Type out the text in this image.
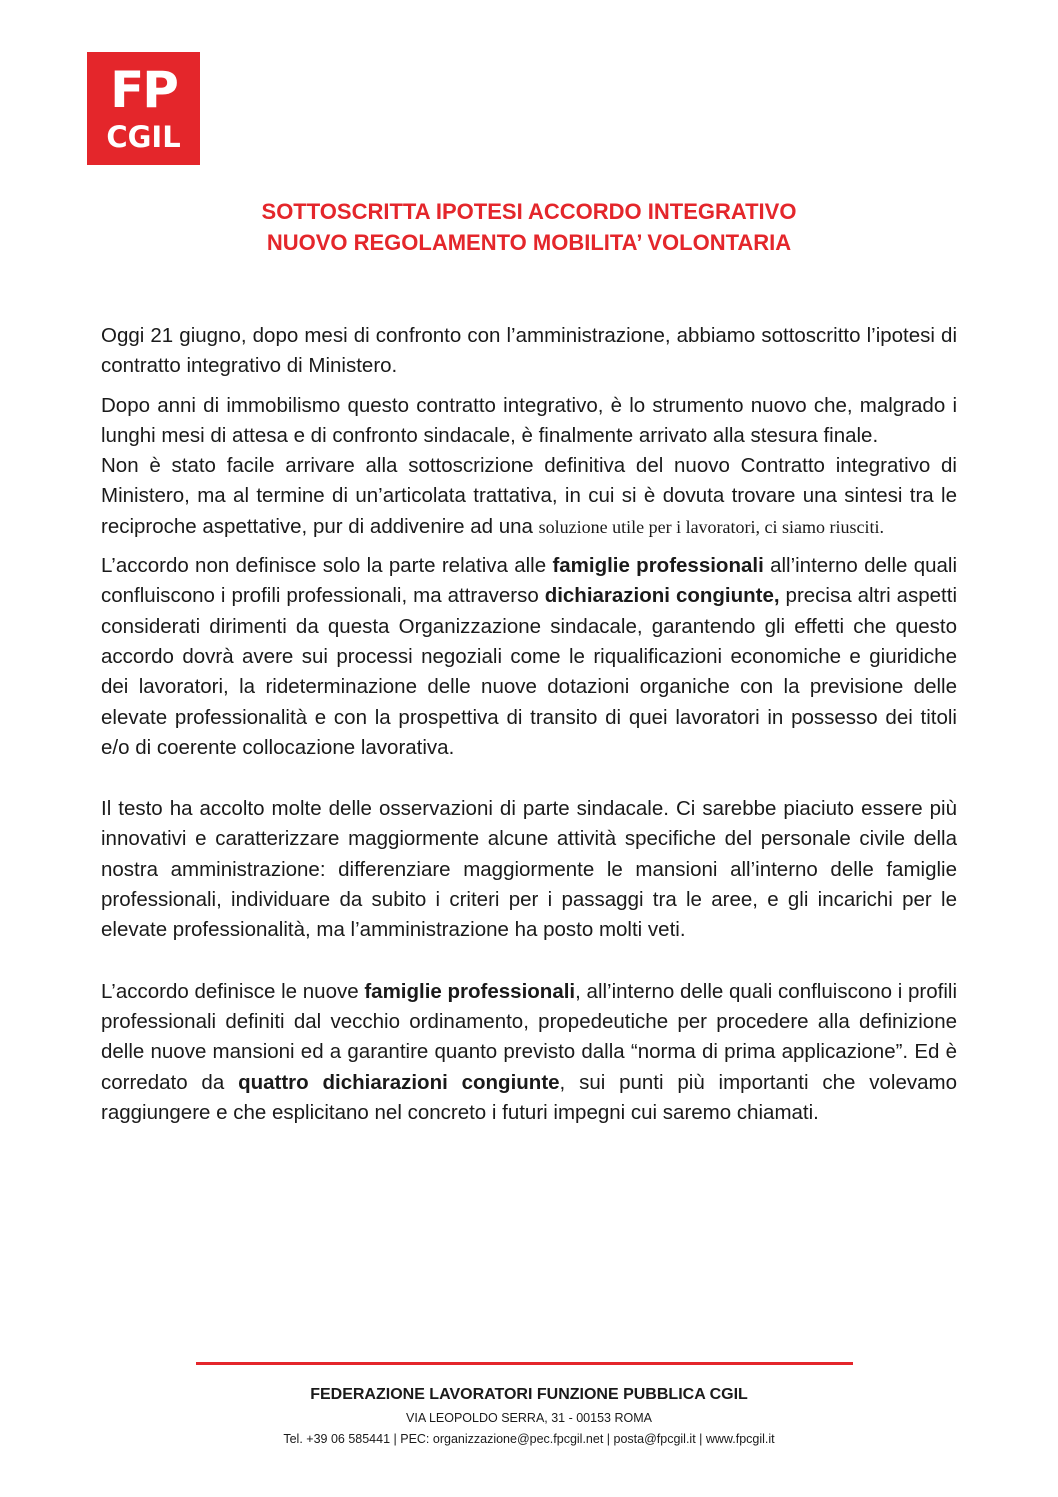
FP
CGIL
SOTTOSCRITTA IPOTESI ACCORDO INTEGRATIVO
NUOVO REGOLAMENTO MOBILITA’ VOLONTARIA

Oggi 21 giugno, dopo mesi di confronto con l’amministrazione, abbiamo sottoscritto l’ipotesi di contratto integrativo di Ministero.

Dopo anni di immobilismo questo contratto integrativo, è lo strumento nuovo che, malgrado i lunghi mesi di attesa e di confronto sindacale, è finalmente arrivato alla stesura finale.

Non è stato facile arrivare alla sottoscrizione definitiva del nuovo Contratto integrativo di Ministero, ma al termine di un’articolata trattativa, in cui si è dovuta trovare una sintesi tra le reciproche aspettative, pur di addivenire ad una soluzione utile per i lavoratori, ci siamo riusciti.

L’accordo non definisce solo la parte relativa alle famiglie professionali all’interno delle quali confluiscono i profili professionali, ma attraverso dichiarazioni congiunte, precisa altri aspetti considerati dirimenti da questa Organizzazione sindacale, garantendo gli effetti che questo accordo dovrà avere sui processi negoziali come le riqualificazioni economiche e giuridiche dei lavoratori, la rideterminazione delle nuove dotazioni organiche con la previsione delle elevate professionalità e con la prospettiva di transito di quei lavoratori in possesso dei titoli e/o di coerente collocazione lavorativa.

Il testo ha accolto molte delle osservazioni di parte sindacale. Ci sarebbe piaciuto essere più innovativi e caratterizzare maggiormente alcune attività specifiche del personale civile della nostra amministrazione: differenziare maggiormente le mansioni all’interno delle famiglie professionali, individuare da subito i criteri per i passaggi tra le aree, e gli incarichi per le elevate professionalità, ma l’amministrazione ha posto molti veti.

L’accordo definisce le nuove famiglie professionali, all’interno delle quali confluiscono i profili professionali definiti dal vecchio ordinamento, propedeutiche per procedere alla definizione delle nuove mansioni ed a garantire quanto previsto dalla “norma di prima applicazione”. Ed è corredato da quattro dichiarazioni congiunte, sui punti più importanti che volevamo raggiungere e che esplicitano nel concreto i futuri impegni cui saremo chiamati.

FEDERAZIONE LAVORATORI FUNZIONE PUBBLICA CGIL
VIA LEOPOLDO SERRA, 31 - 00153 ROMA
Tel. +39 06 585441 | PEC: organizzazione@pec.fpcgil.net | posta@fpcgil.it | www.fpcgil.it
